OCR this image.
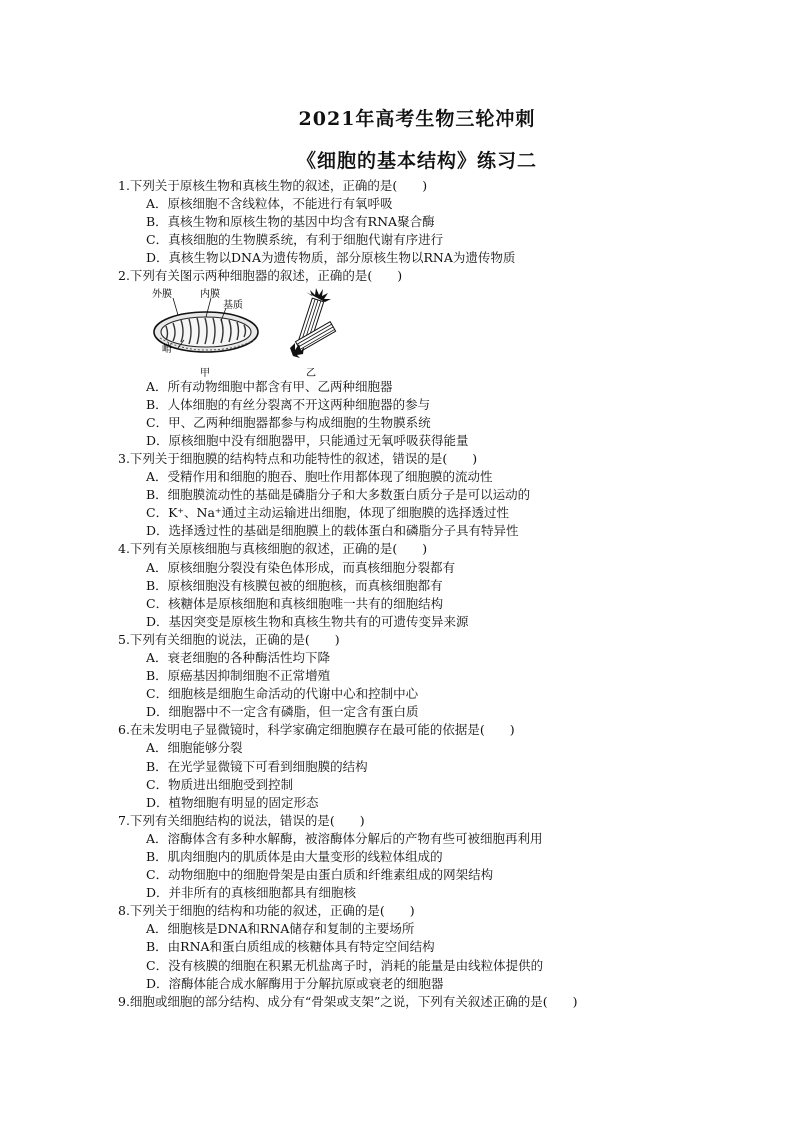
2021年高考生物三轮冲刺
《细胞的基本结构》练习二
1.下列关于原核生物和真核生物的叙述，正确的是(　　)
A．原核细胞不含线粒体，不能进行有氧呼吸
B．真核生物和原核生物的基因中均含有RNA聚合酶
C．真核细胞的生物膜系统，有利于细胞代谢有序进行
D．真核生物以DNA为遗传物质，部分原核生物以RNA为遗传物质
2.下列有关图示两种细胞器的叙述，正确的是(　　)
外膜	内膜
基质
嵴
甲	乙
A．所有动物细胞中都含有甲、乙两种细胞器
B．人体细胞的有丝分裂离不开这两种细胞器的参与
C．甲、乙两种细胞器都参与构成细胞的生物膜系统
D．原核细胞中没有细胞器甲，只能通过无氧呼吸获得能量
3.下列关于细胞膜的结构特点和功能特性的叙述，错误的是(　　)
A．受精作用和细胞的胞吞、胞吐作用都体现了细胞膜的流动性
B．细胞膜流动性的基础是磷脂分子和大多数蛋白质分子是可以运动的
C．K⁺、Na⁺通过主动运输进出细胞，体现了细胞膜的选择透过性
D．选择透过性的基础是细胞膜上的载体蛋白和磷脂分子具有特异性
4.下列有关原核细胞与真核细胞的叙述，正确的是(　　)
A．原核细胞分裂没有染色体形成，而真核细胞分裂都有
B．原核细胞没有核膜包被的细胞核，而真核细胞都有
C．核糖体是原核细胞和真核细胞唯一共有的细胞结构
D．基因突变是原核生物和真核生物共有的可遗传变异来源
5.下列有关细胞的说法，正确的是(　　)
A．衰老细胞的各种酶活性均下降
B．原癌基因抑制细胞不正常增殖
C．细胞核是细胞生命活动的代谢中心和控制中心
D．细胞器中不一定含有磷脂，但一定含有蛋白质
6.在未发明电子显微镜时，科学家确定细胞膜存在最可能的依据是(　　)
A．细胞能够分裂
B．在光学显微镜下可看到细胞膜的结构
C．物质进出细胞受到控制
D．植物细胞有明显的固定形态
7.下列有关细胞结构的说法，错误的是(　　)
A．溶酶体含有多种水解酶，被溶酶体分解后的产物有些可被细胞再利用
B．肌肉细胞内的肌质体是由大量变形的线粒体组成的
C．动物细胞中的细胞骨架是由蛋白质和纤维素组成的网架结构
D．并非所有的真核细胞都具有细胞核
8.下列关于细胞的结构和功能的叙述，正确的是(　　)
A．细胞核是DNA和RNA储存和复制的主要场所
B．由RNA和蛋白质组成的核糖体具有特定空间结构
C．没有核膜的细胞在积累无机盐离子时，消耗的能量是由线粒体提供的
D．溶酶体能合成水解酶用于分解抗原或衰老的细胞器
9.细胞或细胞的部分结构、成分有“骨架或支架”之说，下列有关叙述正确的是(　　)
